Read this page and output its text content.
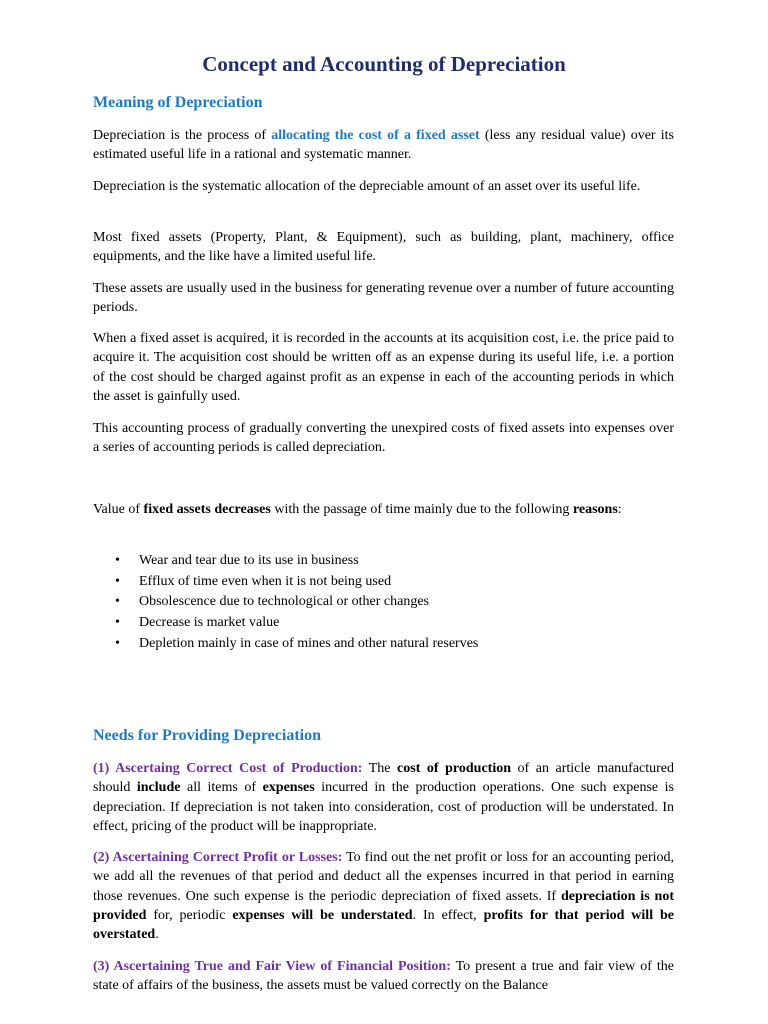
Concept and Accounting of Depreciation
Meaning of Depreciation
Depreciation is the process of allocating the cost of a fixed asset (less any residual value) over its estimated useful life in a rational and systematic manner.
Depreciation is the systematic allocation of the depreciable amount of an asset over its useful life.
Most fixed assets (Property, Plant, & Equipment), such as building, plant, machinery, office equipments, and the like have a limited useful life.
These assets are usually used in the business for generating revenue over a number of future accounting periods.
When a fixed asset is acquired, it is recorded in the accounts at its acquisition cost, i.e. the price paid to acquire it. The acquisition cost should be written off as an expense during its useful life, i.e. a portion of the cost should be charged against profit as an expense in each of the accounting periods in which the asset is gainfully used.
This accounting process of gradually converting the unexpired costs of fixed assets into expenses over a series of accounting periods is called depreciation.
Value of fixed assets decreases with the passage of time mainly due to the following reasons:
• Wear and tear due to its use in business
• Efflux of time even when it is not being used
• Obsolescence due to technological or other changes
• Decrease is market value
• Depletion mainly in case of mines and other natural reserves
Needs for Providing Depreciation
(1) Ascertaing Correct Cost of Production: The cost of production of an article manufactured should include all items of expenses incurred in the production operations. One such expense is depreciation. If depreciation is not taken into consideration, cost of production will be understated. In effect, pricing of the product will be inappropriate.
(2) Ascertaining Correct Profit or Losses: To find out the net profit or loss for an accounting period, we add all the revenues of that period and deduct all the expenses incurred in that period in earning those revenues. One such expense is the periodic depreciation of fixed assets. If depreciation is not provided for, periodic expenses will be understated. In effect, profits for that period will be overstated.
(3) Ascertaining True and Fair View of Financial Position: To present a true and fair view of the state of affairs of the business, the assets must be valued correctly on the Balance
